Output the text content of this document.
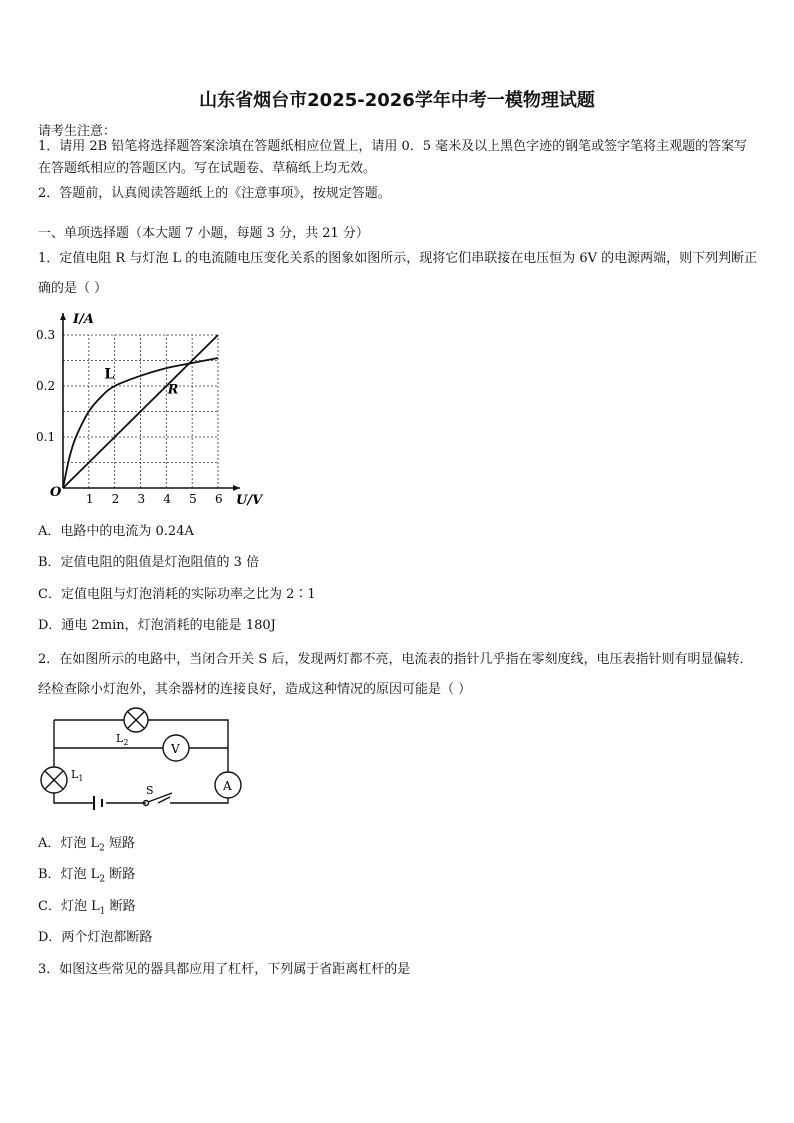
山东省烟台市2025-2026学年中考一模物理试题
请考生注意：
1．请用 2B 铅笔将选择题答案涂填在答题纸相应位置上，请用 0．5 毫米及以上黑色字迹的钢笔或签字笔将主观题的答案写在答题纸相应的答题区内。写在试题卷、草稿纸上均无效。
2．答题前，认真阅读答题纸上的《注意事项》，按规定答题。
一、单项选择题（本大题 7 小题，每题 3 分，共 21 分）
1．定值电阻 R 与灯泡 L 的电流随电压变化关系的图象如图所示，现将它们串联接在电压恒为 6V 的电源两端，则下列判断正确的是（ ）
1 2 3 4 5 6
0.1
0.2
0.3
O
I/A
U/V
L
R
A．电路中的电流为 0.24A
B．定值电阻的阻值是灯泡阻值的 3 倍
C．定值电阻与灯泡消耗的实际功率之比为 2∶1
D．通电 2min，灯泡消耗的电能是 180J
2．在如图所示的电路中，当闭合开关 S 后，发现两灯都不亮，电流表的指针几乎指在零刻度线，电压表指针则有明显偏转．经检查除小灯泡外，其余器材的连接良好，造成这种情况的原因可能是（ ）
$L_2$
$L_1$
V
A
S
A．灯泡 $L_2$ 短路
B．灯泡 $L_2$ 断路
C．灯泡 $L_1$ 断路
D．两个灯泡都断路
3．如图这些常见的器具都应用了杠杆，下列属于省距离杠杆的是
